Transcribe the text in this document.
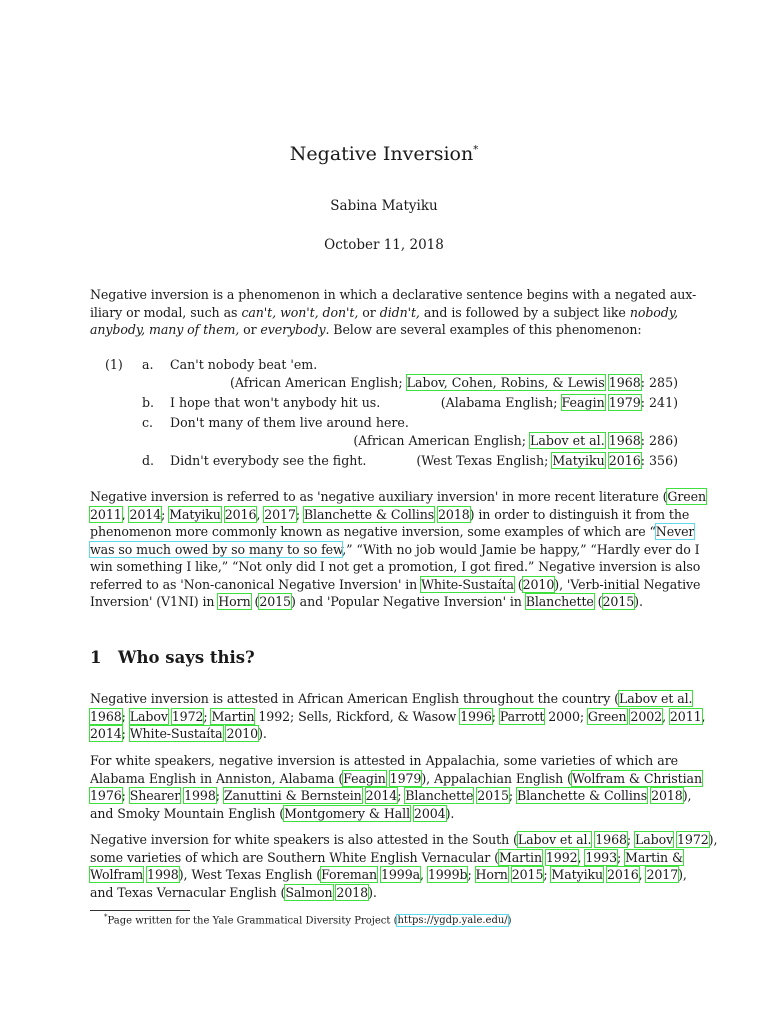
Negative Inversion*
Sabina Matyiku
October 11, 2018
Negative inversion is a phenomenon in which a declarative sentence begins with a negated aux-
iliary or modal, such as can't, won't, don't, or didn't, and is followed by a subject like nobody,
anybody, many of them, or everybody. Below are several examples of this phenomenon:
(1) a. Can't nobody beat 'em.
(African American English; Labov, Cohen, Robins, & Lewis 1968: 285)
b. I hope that won't anybody hit us.	(Alabama English; Feagin 1979: 241)
c. Don't many of them live around here.
(African American English; Labov et al. 1968: 286)
d. Didn't everybody see the fight.	(West Texas English; Matyiku 2016: 356)
Negative inversion is referred to as 'negative auxiliary inversion' in more recent literature (Green
2011, 2014; Matyiku 2016, 2017; Blanchette & Collins 2018) in order to distinguish it from the
phenomenon more commonly known as negative inversion, some examples of which are “Never
was so much owed by so many to so few,” “With no job would Jamie be happy,” “Hardly ever do I
win something I like,” “Not only did I not get a promotion, I got fired.” Negative inversion is also
referred to as 'Non-canonical Negative Inversion' in White-Sustaíta (2010), 'Verb-initial Negative
Inversion' (V1NI) in Horn (2015) and 'Popular Negative Inversion' in Blanchette (2015).
1 Who says this?
Negative inversion is attested in African American English throughout the country (Labov et al.
1968; Labov 1972; Martin 1992; Sells, Rickford, & Wasow 1996; Parrott 2000; Green 2002, 2011,
2014; White-Sustaíta 2010).
For white speakers, negative inversion is attested in Appalachia, some varieties of which are
Alabama English in Anniston, Alabama (Feagin 1979), Appalachian English (Wolfram & Christian
1976; Shearer 1998; Zanuttini & Bernstein 2014; Blanchette 2015; Blanchette & Collins 2018),
and Smoky Mountain English (Montgomery & Hall 2004).
Negative inversion for white speakers is also attested in the South (Labov et al. 1968; Labov 1972),
some varieties of which are Southern White English Vernacular (Martin 1992, 1993; Martin &
Wolfram 1998), West Texas English (Foreman 1999a, 1999b; Horn 2015; Matyiku 2016, 2017),
and Texas Vernacular English (Salmon 2018).
*Page written for the Yale Grammatical Diversity Project (https://ygdp.yale.edu/)
